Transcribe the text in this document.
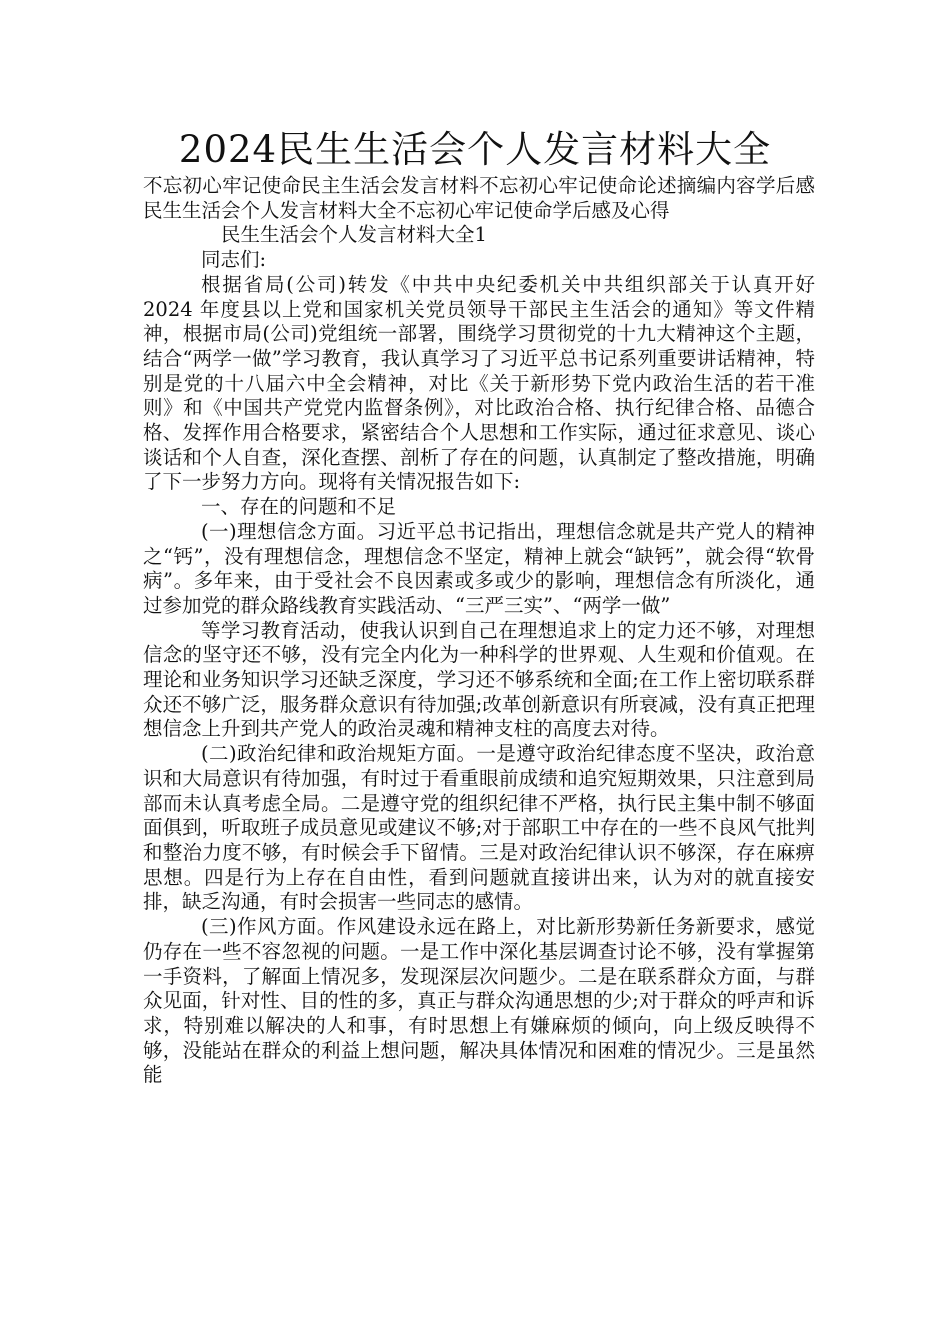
2024民生生活会个人发言材料大全

不忘初心牢记使命民主生活会发言材料不忘初心牢记使命论述摘编内容学后感民生生活会个人发言材料大全不忘初心牢记使命学后感及心得

民生生活会个人发言材料大全1

同志们:

根据省局(公司)转发《中共中央纪委机关中共组织部关于认真开好 2024 年度县以上党和国家机关党员领导干部民主生活会的通知》等文件精神，根据市局(公司)党组统一部署，围绕学习贯彻党的十九大精神这个主题，结合“两学一做”学习教育，我认真学习了习近平总书记系列重要讲话精神，特别是党的十八届六中全会精神，对比《关于新形势下党内政治生活的若干准则》和《中国共产党党内监督条例》，对比政治合格、执行纪律合格、品德合格、发挥作用合格要求，紧密结合个人思想和工作实际，通过征求意见、谈心谈话和个人自查，深化查摆、剖析了存在的问题，认真制定了整改措施，明确了下一步努力方向。现将有关情况报告如下:

一、存在的问题和不足

(一)理想信念方面。习近平总书记指出，理想信念就是共产党人的精神之“钙”，没有理想信念，理想信念不坚定，精神上就会“缺钙”，就会得“软骨病”。多年来，由于受社会不良因素或多或少的影响，理想信念有所淡化，通过参加党的群众路线教育实践活动、“三严三实”、“两学一做”

等学习教育活动，使我认识到自己在理想追求上的定力还不够，对理想信念的坚守还不够，没有完全内化为一种科学的世界观、人生观和价值观。在理论和业务知识学习还缺乏深度，学习还不够系统和全面;在工作上密切联系群众还不够广泛，服务群众意识有待加强;改革创新意识有所衰减，没有真正把理想信念上升到共产党人的政治灵魂和精神支柱的高度去对待。

(二)政治纪律和政治规矩方面。一是遵守政治纪律态度不坚决，政治意识和大局意识有待加强，有时过于看重眼前成绩和追究短期效果，只注意到局部而未认真考虑全局。二是遵守党的组织纪律不严格，执行民主集中制不够面面俱到，听取班子成员意见或建议不够;对于部职工中存在的一些不良风气批判和整治力度不够，有时候会手下留情。三是对政治纪律认识不够深，存在麻痹思想。四是行为上存在自由性，看到问题就直接讲出来，认为对的就直接安排，缺乏沟通，有时会损害一些同志的感情。

(三)作风方面。作风建设永远在路上，对比新形势新任务新要求，感觉仍存在一些不容忽视的问题。一是工作中深化基层调查讨论不够，没有掌握第一手资料，了解面上情况多，发现深层次问题少。二是在联系群众方面，与群众见面，针对性、目的性的多，真正与群众沟通思想的少;对于群众的呼声和诉求，特别难以解决的人和事，有时思想上有嫌麻烦的倾向，向上级反映得不够，没能站在群众的利益上想问题，解决具体情况和困难的情况少。三是虽然能
